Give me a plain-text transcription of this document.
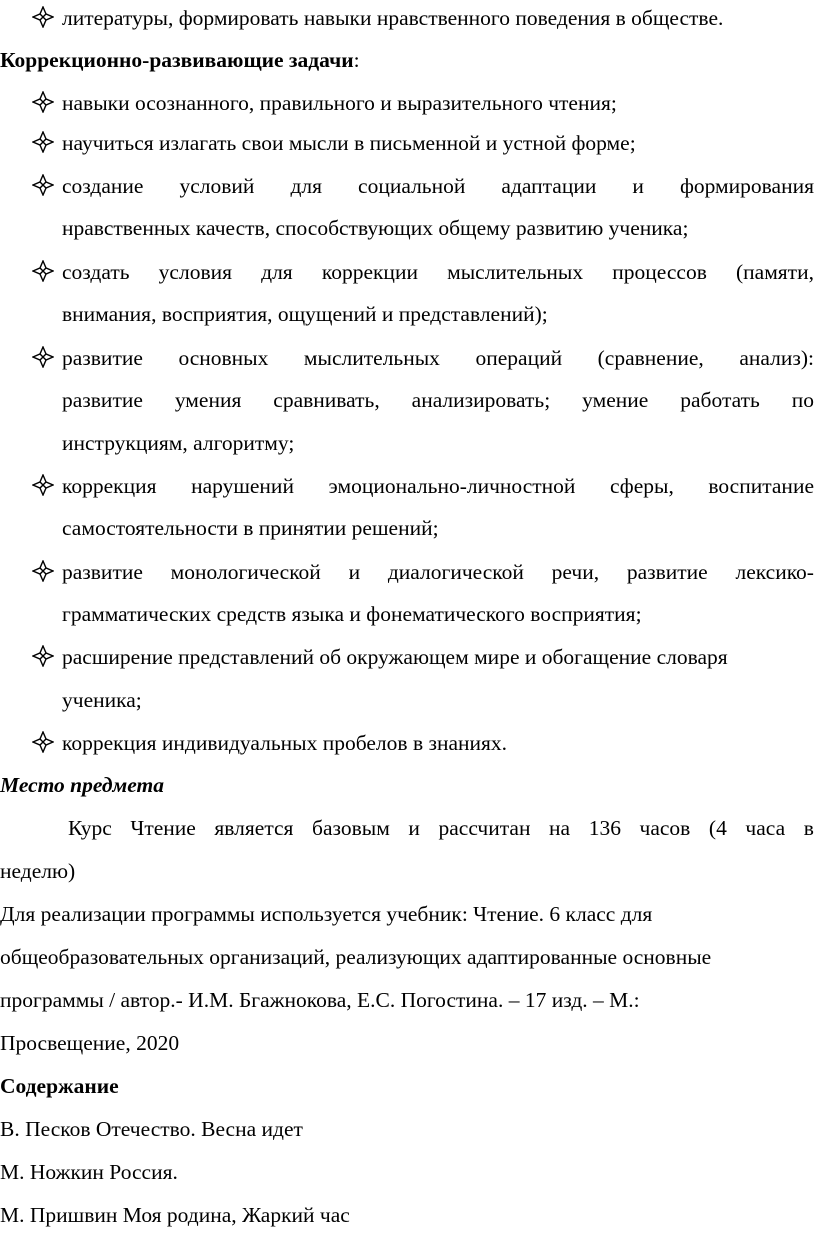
литературы, формировать навыки нравственного поведения в обществе.
Коррекционно-развивающие задачи:
навыки осознанного, правильного и выразительного чтения;
научиться излагать свои мысли в письменной и устной форме;
создание условий для социальной адаптации и формирования
нравственных качеств, способствующих общему развитию ученика;
создать условия для коррекции мыслительных процессов (памяти,
внимания, восприятия, ощущений и представлений);
развитие основных мыслительных операций (сравнение, анализ):
развитие умения сравнивать, анализировать; умение работать по
инструкциям, алгоритму;
коррекция нарушений эмоционально-личностной сферы, воспитание
самостоятельности в принятии решений;
развитие монологической и диалогической речи, развитие лексико-
грамматических средств языка и фонематического восприятия;
расширение представлений об окружающем мире и обогащение словаря
ученика;
коррекция индивидуальных пробелов в знаниях.
Место предмета
Курс Чтение является базовым и рассчитан на 136 часов (4 часа в
неделю)
Для реализации программы используется учебник: Чтение. 6 класс для
общеобразовательных организаций, реализующих адаптированные основные
программы / автор.- И.М. Бгажнокова, Е.С. Погостина. – 17 изд. – М.:
Просвещение, 2020
Содержание
В. Песков Отечество. Весна идет
М. Ножкин Россия.
М. Пришвин Моя родина, Жаркий час
